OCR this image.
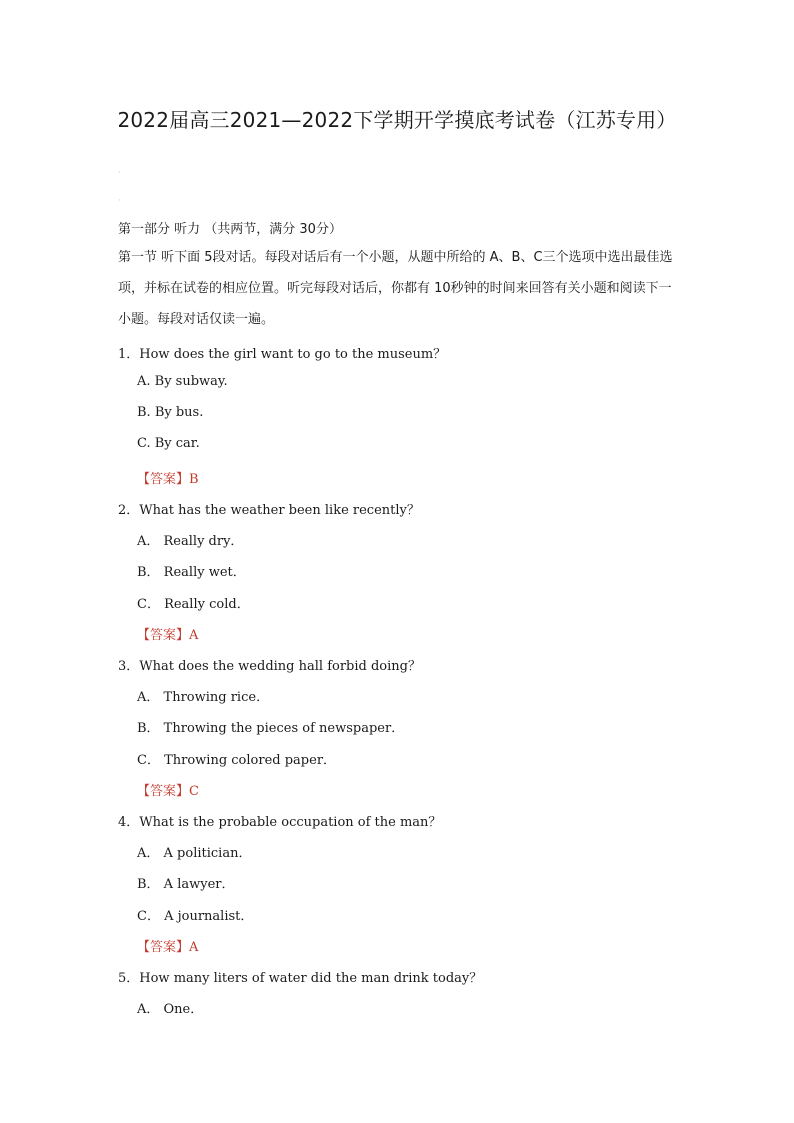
2022届高三2021—2022下学期开学摸底考试卷（江苏专用）
·
·
第一部分 听力 （共两节，满分 30分）
第一节 听下面 5段对话。每段对话后有一个小题，从题中所给的 A、B、C三个选项中选出最佳选项，并标在试卷的相应位置。听完每段对话后，你都有 10秒钟的时间来回答有关小题和阅读下一小题。每段对话仅读一遍。
1．How does the girl want to go to the museum？
A. By subway.
B. By bus.
C. By car.
【答案】B
2．What has the weather been like recently？
A． Really dry．
B． Really wet．
C． Really cold．
【答案】A
3．What does the wedding hall forbid doing？
A． Throwing rice．
B． Throwing the pieces of newspaper．
C． Throwing colored paper．
【答案】C
4．What is the probable occupation of the man？
A． A politician．
B． A lawyer．
C． A journalist．
【答案】A
5．How many liters of water did the man drink today？
A． One．
